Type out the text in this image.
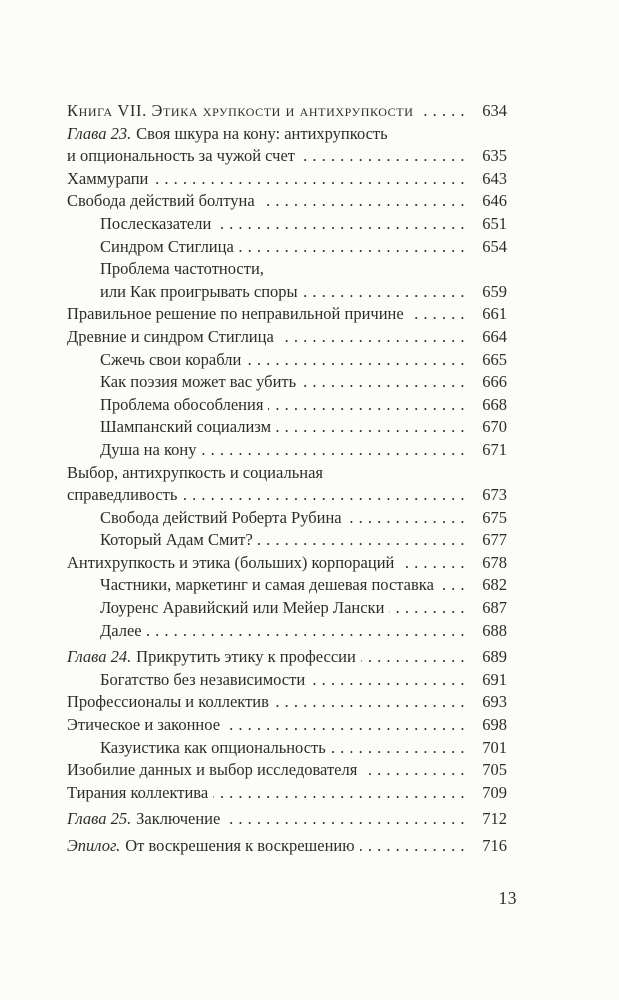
Книга VII. Этика хрупкости и антихрупкости . . .	634
Глава 23. Своя шкура на кону: антихрупкость
и опциональность за чужой счет . . .	635
Хаммурапи . . .	643
Свобода действий болтуна . . .	646
Послесказатели . . .	651
Синдром Стиглица . . .	654
Проблема частотности,
или Как проигрывать споры . . .	659
Правильное решение по неправильной причине . . .	661
Древние и синдром Стиглица . . .	664
Сжечь свои корабли . . .	665
Как поэзия может вас убить . . .	666
Проблема обособления . . .	668
Шампанский социализм . . .	670
Душа на кону . . .	671
Выбор, антихрупкость и социальная
справедливость . . .	673
Свобода действий Роберта Рубина . . .	675
Который Адам Смит? . . .	677
Антихрупкость и этика (больших) корпораций . . .	678
Частники, маркетинг и самая дешевая поставка . . .	682
Лоуренс Аравийский или Мейер Лански . . .	687
Далее . . .	688
Глава 24. Прикрутить этику к профессии . . .	689
Богатство без независимости . . .	691
Профессионалы и коллектив . . .	693
Этическое и законное . . .	698
Казуистика как опциональность . . .	701
Изобилие данных и выбор исследователя . . .	705
Тирания коллектива . . .	709
Глава 25. Заключение . . .	712
Эпилог. От воскрешения к воскрешению . . .	716
13
